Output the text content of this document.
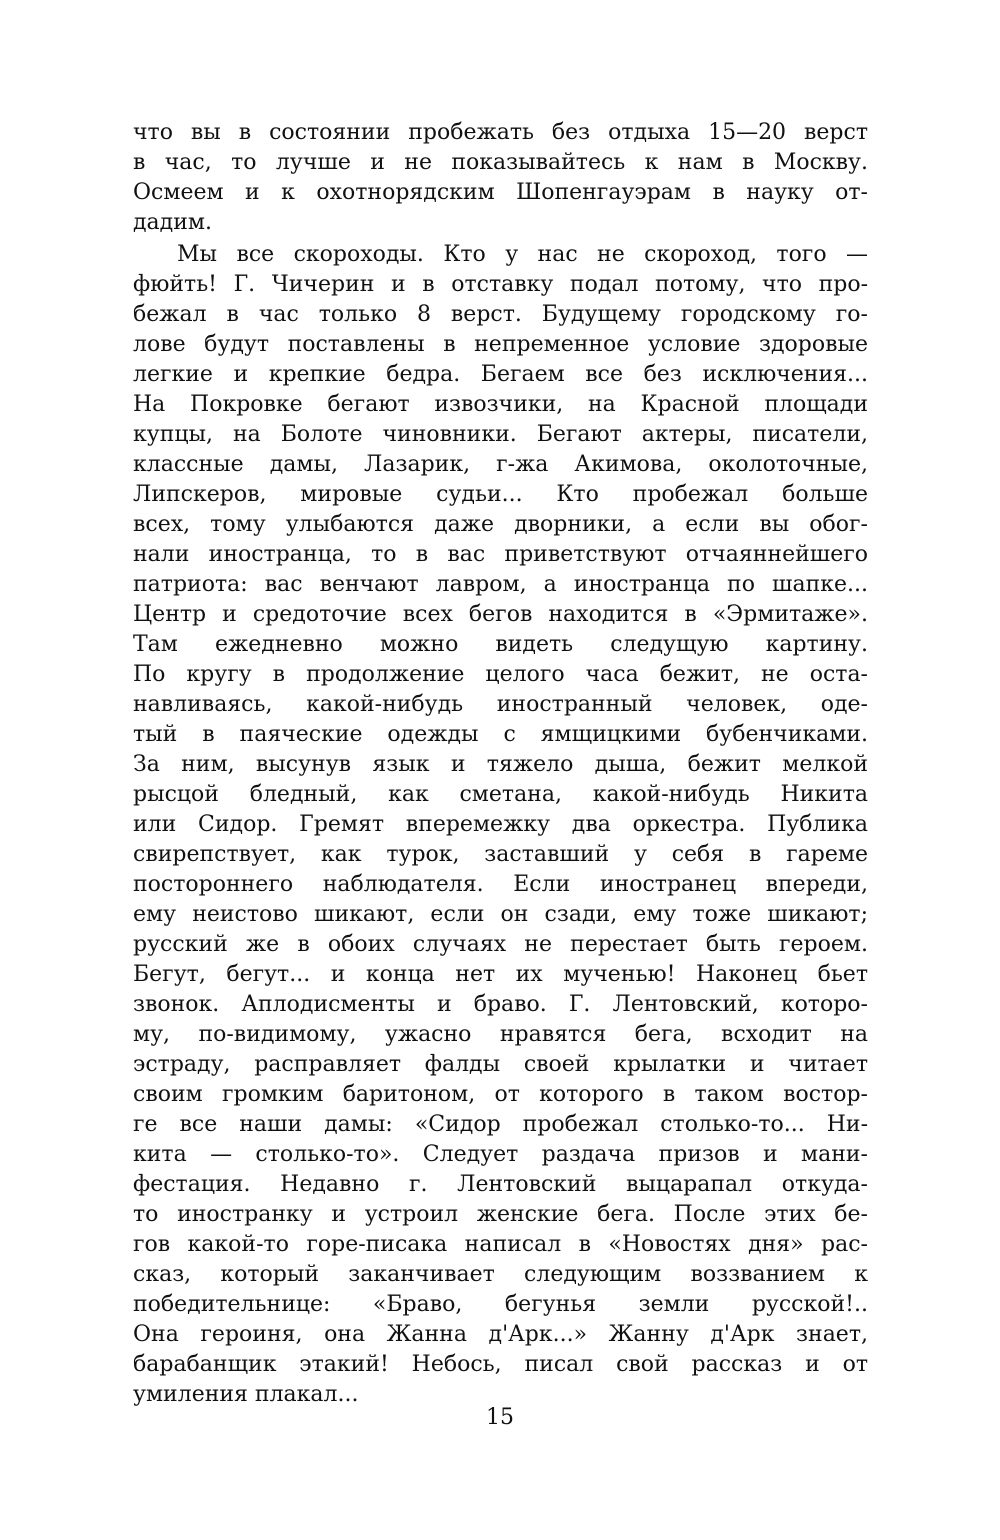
что вы в состоянии пробежать без отдыха 15—20 верст
в час, то лучше и не показывайтесь к нам в Москву.
Осмеем и к охотнорядским Шопенгауэрам в науку от-
дадим.
Мы все скороходы. Кто у нас не скороход, того —
фюйть! Г. Чичерин и в отставку подал потому, что про-
бежал в час только 8 верст. Будущему городскому го-
лове будут поставлены в непременное условие здоровые
легкие и крепкие бедра. Бегаем все без исключения...
На Покровке бегают извозчики, на Красной площади
купцы, на Болоте чиновники. Бегают актеры, писатели,
классные дамы, Лазарик, г-жа Акимова, околоточные,
Липскеров, мировые судьи... Кто пробежал больше
всех, тому улыбаются даже дворники, а если вы обог-
нали иностранца, то в вас приветствуют отчаяннейшего
патриота: вас венчают лавром, а иностранца по шапке...
Центр и средоточие всех бегов находится в «Эрмитаже».
Там ежедневно можно видеть следущую картину.
По кругу в продолжение целого часа бежит, не оста-
навливаясь, какой-нибудь иностранный человек, оде-
тый в паяческие одежды с ямщицкими бубенчиками.
За ним, высунув язык и тяжело дыша, бежит мелкой
рысцой бледный, как сметана, какой-нибудь Никита
или Сидор. Гремят вперемежку два оркестра. Публика
свирепствует, как турок, заставший у себя в гареме
постороннего наблюдателя. Если иностранец впереди,
ему неистово шикают, если он сзади, ему тоже шикают;
русский же в обоих случаях не перестает быть героем.
Бегут, бегут... и конца нет их мученью! Наконец бьет
звонок. Аплодисменты и браво. Г. Лентовский, которо-
му, по-видимому, ужасно нравятся бега, всходит на
эстраду, расправляет фалды своей крылатки и читает
своим громким баритоном, от которого в таком востор-
ге все наши дамы: «Сидор пробежал столько-то... Ни-
кита — столько-то». Следует раздача призов и мани-
фестация. Недавно г. Лентовский выцарапал откуда-
то иностранку и устроил женские бега. После этих бе-
гов какой-то горе-писака написал в «Новостях дня» рас-
сказ, который заканчивает следующим воззванием к
победительнице: «Браво, бегунья земли русской!..
Она героиня, она Жанна д'Арк...» Жанну д'Арк знает,
барабанщик этакий! Небось, писал свой рассказ и от
умиления плакал...
15
